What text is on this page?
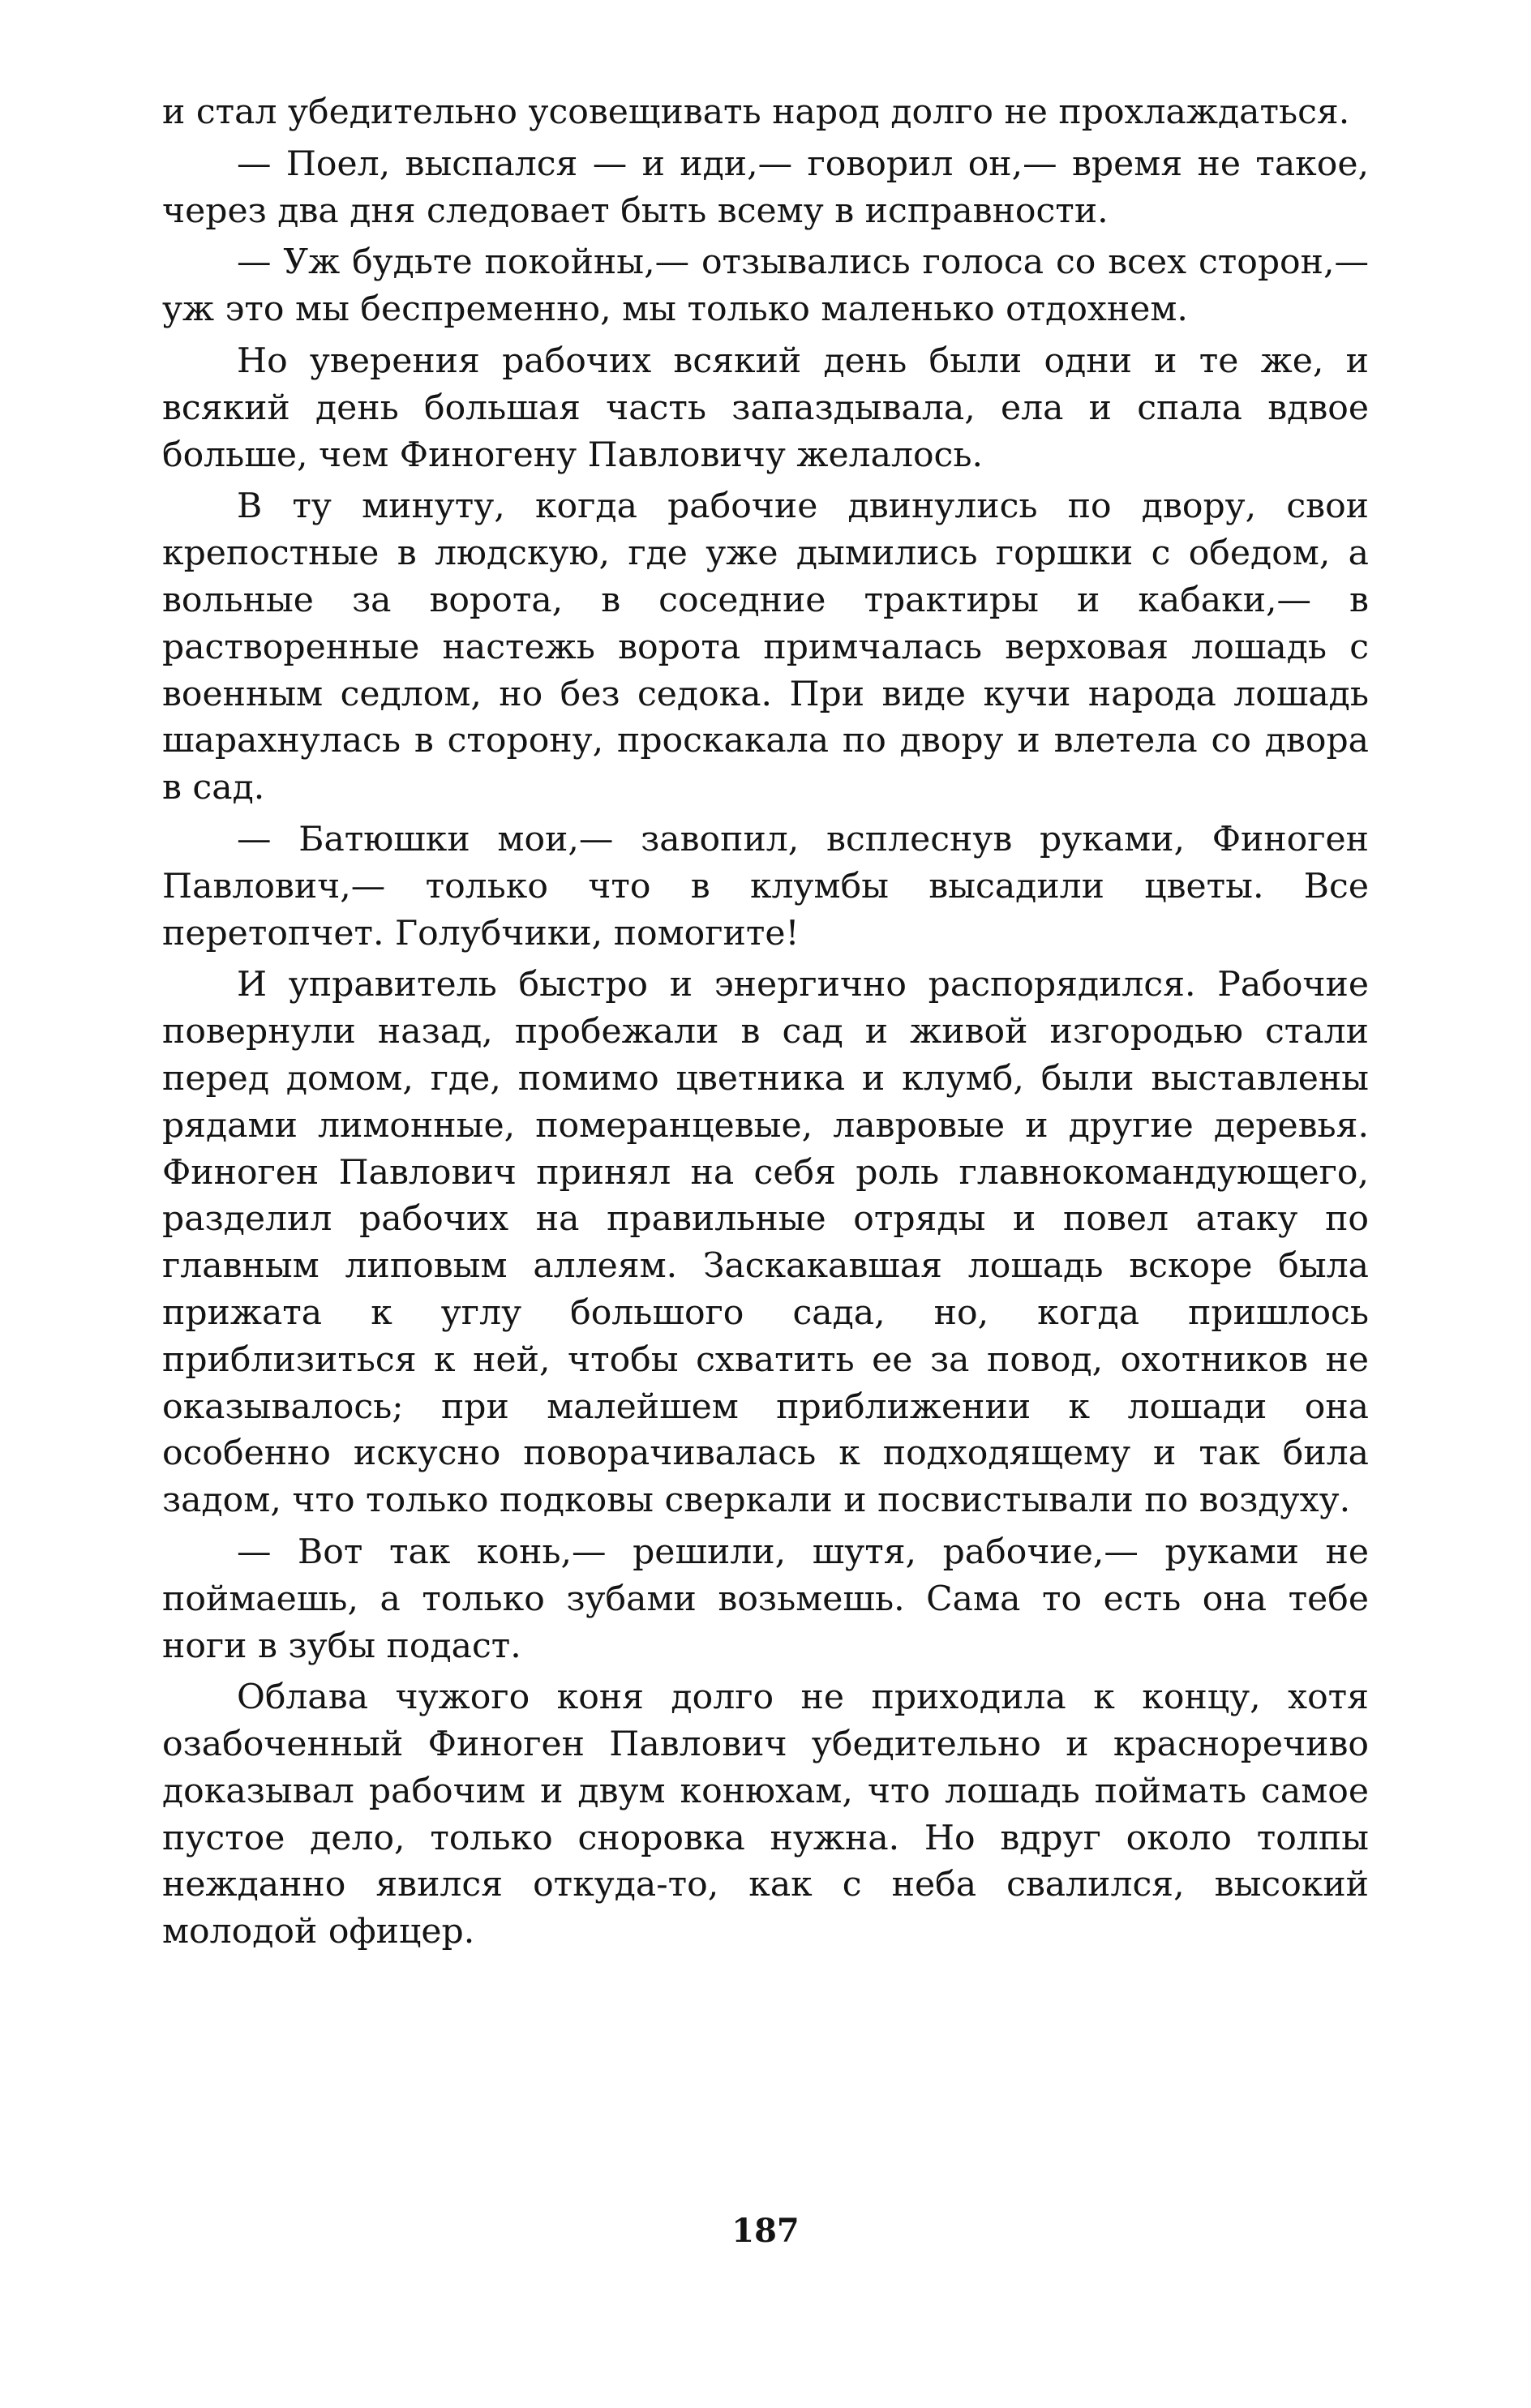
и стал убедительно усовещивать народ долго не прохлаждаться.

— Поел, выспался — и иди,— говорил он,— время не такое, через два дня следовает быть всему в исправности.

— Уж будьте покойны,— отзывались голоса со всех сторон,— уж это мы беспременно, мы только маленько отдохнем.

Но уверения рабочих всякий день были одни и те же, и всякий день большая часть запаздывала, ела и спала вдвое больше, чем Финогену Павловичу желалось.

В ту минуту, когда рабочие двинулись по двору, свои крепостные в людскую, где уже дымились горшки с обедом, а вольные за ворота, в соседние трактиры и кабаки,— в растворенные настежь ворота примчалась верховая лошадь с военным седлом, но без седока. При виде кучи народа лошадь шарахнулась в сторону, проскакала по двору и влетела со двора в сад.

— Батюшки мои,— завопил, всплеснув руками, Финоген Павлович,— только что в клумбы высадили цветы. Все перетопчет. Голубчики, помогите!

И управитель быстро и энергично распорядился. Рабочие повернули назад, пробежали в сад и живой изгородью стали перед домом, где, помимо цветника и клумб, были выставлены рядами лимонные, померанцевые, лавровые и другие деревья. Финоген Павлович принял на себя роль главнокомандующего, разделил рабочих на правильные отряды и повел атаку по главным липовым аллеям. Заскакавшая лошадь вскоре была прижата к углу большого сада, но, когда пришлось приблизиться к ней, чтобы схватить ее за повод, охотников не оказывалось; при малейшем приближении к лошади она особенно искусно поворачивалась к подходящему и так била задом, что только подковы сверкали и посвистывали по воздуху.

— Вот так конь,— решили, шутя, рабочие,— руками не поймаешь, а только зубами возьмешь. Сама то есть она тебе ноги в зубы подаст.

Облава чужого коня долго не приходила к концу, хотя озабоченный Финоген Павлович убедительно и красноречиво доказывал рабочим и двум конюхам, что лошадь поймать самое пустое дело, только сноровка нужна. Но вдруг около толпы нежданно явился откуда-то, как с неба свалился, высокий молодой офицер.

187
